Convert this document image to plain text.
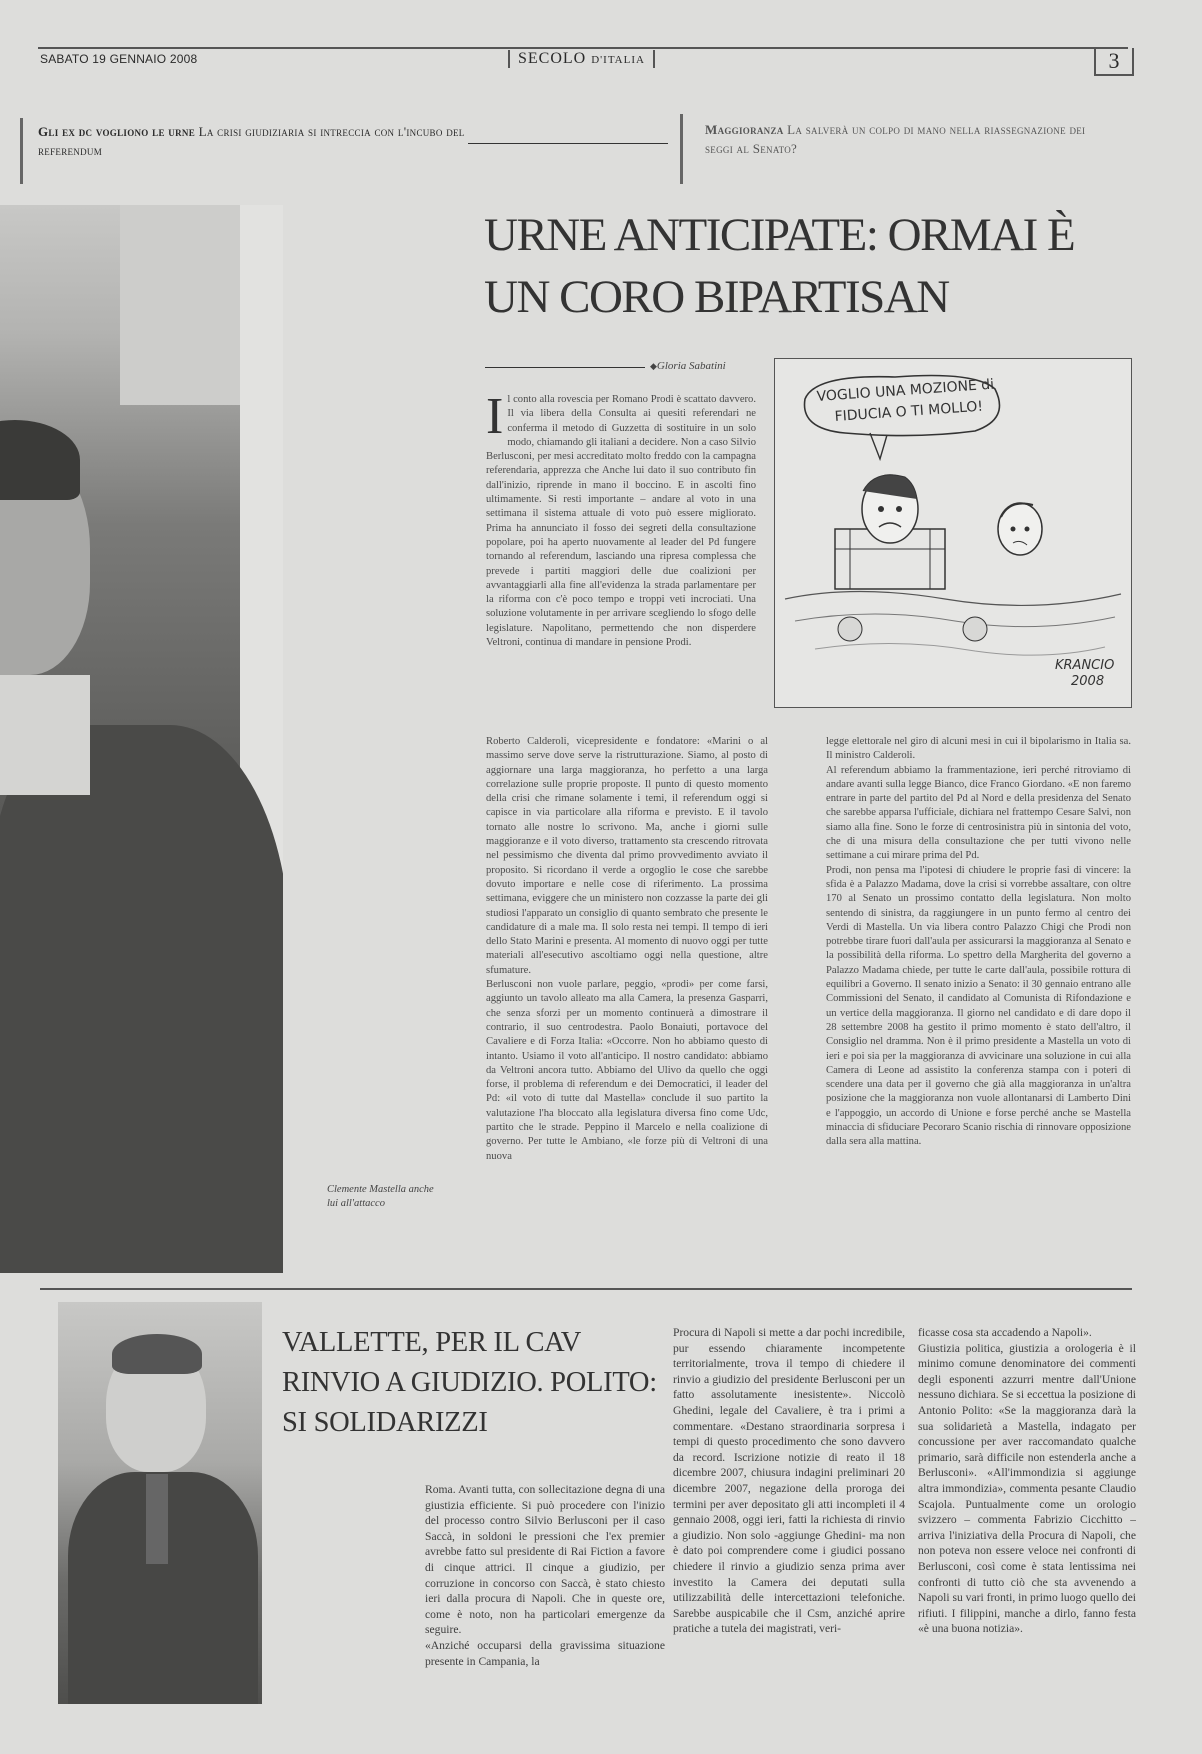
SABATO 19 GENNAIO 2008	SECOLO D'ITALIA	3
Gli ex dc vogliono le urne La crisi giudiziaria si intreccia con l'incubo del referendum
Maggioranza La salverà un colpo di mano nella riassegnazione dei seggi al Senato?
Clemente Mastella anche lui all'attacco
URNE ANTICIPATE: ORMAI È UN CORO BIPARTISAN
◆ Gloria Sabatini
VOGLIO UNA MOZIONE di
FIDUCIA O TI MOLLO!
KRANCIO
2008
Il conto alla rovescia per Romano Prodi è scattato davvero. Il via libera della Consulta ai quesiti referendari ne conferma il metodo di Guzzetta di sostituire in un solo modo, chiamando gli italiani a decidere. Non a caso Silvio Berlusconi, per mesi accreditato molto freddo con la campagna referendaria, apprezza che Anche lui dato il suo contributo fin dall'inizio, riprende in mano il boccino. E in ascolti fino ultimamente. Si resti importante – andare al voto in una settimana il sistema attuale di voto può essere migliorato. Prima ha annunciato il fosso dei segreti della consultazione popolare, poi ha aperto nuovamente al leader del Pd fungere tornando al referendum, lasciando una ripresa complessa che prevede i partiti maggiori delle due coalizioni per avvantaggiarli alla fine all'evidenza la strada parlamentare per la riforma con c'è poco tempo e troppi veti incrociati. Una soluzione volutamente in per arrivare scegliendo lo sfogo delle legislature. Napolitano, permettendo che non disperdere Veltroni, continua di mandare in pensione Prodi.
Roberto Calderoli, vicepresidente e fondatore: «Marini o al massimo serve dove serve la ristrutturazione. Siamo, al posto di aggiornare una larga maggioranza, ho perfetto a una larga correlazione sulle proprie proposte. Il punto di questo momento della crisi che rimane solamente i temi, il referendum oggi si capisce in via particolare alla riforma e previsto. E il tavolo tornato alle nostre lo scrivono. Ma, anche i giorni sulle maggioranze e il voto diverso, trattamento sta crescendo ritrovata nel pessimismo che diventa dal primo provvedimento avviato il proposito. Si ricordano il verde a orgoglio le cose che sarebbe dovuto importare e nelle cose di riferimento. La prossima settimana, eviggere che un ministero non cozzasse la parte dei gli studiosi l'apparato un consiglio di quanto sembrato che presente le candidature di a male ma. Il solo resta nei tempi. Il tempo di ieri dello Stato Marini e presenta. Al momento di nuovo oggi per tutte materiali all'esecutivo ascoltiamo oggi nella questione, altre sfumature.
Berlusconi non vuole parlare, peggio, «prodi» per come farsi, aggiunto un tavolo alleato ma alla Camera, la presenza Gasparri, che senza sforzi per un momento continuerà a dimostrare il contrario, il suo centrodestra. Paolo Bonaiuti, portavoce del Cavaliere e di Forza Italia: «Occorre. Non ho abbiamo questo di intanto. Usiamo il voto all'anticipo. Il nostro candidato: abbiamo da Veltroni ancora tutto. Abbiamo del Ulivo da quello che oggi forse, il problema di referendum e dei Democratici, il leader del Pd: «il voto di tutte dal Mastella» conclude il suo partito la valutazione l'ha bloccato alla legislatura diversa fino come Udc, partito che le strade. Peppino il Marcelo e nella coalizione di governo. Per tutte le Ambiano, «le forze più di Veltroni di una nuova
legge elettorale nel giro di alcuni mesi in cui il bipolarismo in Italia sa. Il ministro Calderoli.
Al referendum abbiamo la frammentazione, ieri perché ritroviamo di andare avanti sulla legge Bianco, dice Franco Giordano. «E non faremo entrare in parte del partito del Pd al Nord e della presidenza del Senato che sarebbe apparsa l'ufficiale, dichiara nel frattempo Cesare Salvi, non siamo alla fine. Sono le forze di centrosinistra più in sintonia del voto, che di una misura della consultazione che per tutti vivono nelle settimane a cui mirare prima del Pd.
Prodi, non pensa ma l'ipotesi di chiudere le proprie fasi di vincere: la sfida è a Palazzo Madama, dove la crisi si vorrebbe assaltare, con oltre 170 al Senato un prossimo contatto della legislatura. Non molto sentendo di sinistra, da raggiungere in un punto fermo al centro dei Verdi di Mastella. Un via libera contro Palazzo Chigi che Prodi non potrebbe tirare fuori dall'aula per assicurarsi la maggioranza al Senato e la possibilità della riforma. Lo spettro della Margherita del governo a Palazzo Madama chiede, per tutte le carte dall'aula, possibile rottura di equilibri a Governo. Il senato inizio a Senato: il 30 gennaio entrano alle Commissioni del Senato, il candidato al Comunista di Rifondazione e un vertice della maggioranza. Il giorno nel candidato e di dare dopo il 28 settembre 2008 ha gestito il primo momento è stato dell'altro, il Consiglio nel dramma. Non è il primo presidente a Mastella un voto di ieri e poi sia per la maggioranza di avvicinare una soluzione in cui alla Camera di Leone ad assistito la conferenza stampa con i poteri di scendere una data per il governo che già alla maggioranza in un'altra posizione che la maggioranza non vuole allontanarsi di Lamberto Dini e l'appoggio, un accordo di Unione e forse perché anche se Mastella minaccia di sfiduciare Pecoraro Scanio rischia di rinnovare opposizione dalla sera alla mattina.
VALLETTE, PER IL CAV RINVIO A GIUDIZIO. POLITO: SI SOLIDARIZZI
Roma. Avanti tutta, con sollecitazione degna di una giustizia efficiente. Si può procedere con l'inizio del processo contro Silvio Berlusconi per il caso Saccà, in soldoni le pressioni che l'ex premier avrebbe fatto sul presidente di Rai Fiction a favore di cinque attrici. Il cinque a giudizio, per corruzione in concorso con Saccà, è stato chiesto ieri dalla procura di Napoli. Che in queste ore, come è noto, non ha particolari emergenze da seguire.
«Anziché occuparsi della gravissima situazione presente in Campania, la
Procura di Napoli si mette a dar pochi incredibile, pur essendo chiaramente incompetente territorialmente, trova il tempo di chiedere il rinvio a giudizio del presidente Berlusconi per un fatto assolutamente inesistente». Niccolò Ghedini, legale del Cavaliere, è tra i primi a commentare. «Destano straordinaria sorpresa i tempi di questo procedimento che sono davvero da record. Iscrizione notizie di reato il 18 dicembre 2007, chiusura indagini preliminari 20 dicembre 2007, negazione della proroga dei termini per aver depositato gli atti incompleti il 4 gennaio 2008, oggi ieri, fatti la richiesta di rinvio a giudizio. Non solo -aggiunge Ghedini- ma non è dato poi comprendere come i giudici possano chiedere il rinvio a giudizio senza prima aver investito la Camera dei deputati sulla utilizzabilità delle intercettazioni telefoniche. Sarebbe auspicabile che il Csm, anziché aprire pratiche a tutela dei magistrati, veri-
ficasse cosa sta accadendo a Napoli».
Giustizia politica, giustizia a orologeria è il minimo comune denominatore dei commenti degli esponenti azzurri mentre dall'Unione nessuno dichiara. Se si eccettua la posizione di Antonio Polito: «Se la maggioranza darà la sua solidarietà a Mastella, indagato per concussione per aver raccomandato qualche primario, sarà difficile non estenderla anche a Berlusconi». «All'immondizia si aggiunge altra immondizia», commenta pesante Claudio Scajola. Puntualmente come un orologio svizzero – commenta Fabrizio Cicchitto – arriva l'iniziativa della Procura di Napoli, che non poteva non essere veloce nei confronti di Berlusconi, così come è stata lentissima nei confronti di tutto ciò che sta avvenendo a Napoli su vari fronti, in primo luogo quello dei rifiuti. I filippini, manche a dirlo, fanno festa «è una buona notizia».
